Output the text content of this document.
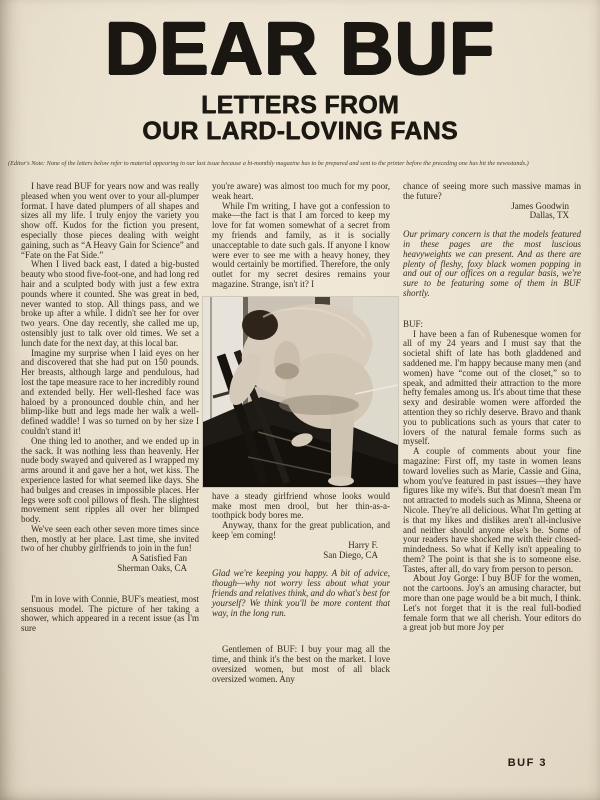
DEAR BUF
LETTERS FROM
OUR LARD-LOVING FANS

(Editor's Note: None of the letters below refer to material appearing in our last issue because a bi-monthly magazine has to be prepared and sent to the printer before the preceding one has hit the newsstands.)

I have read BUF for years now and was really pleased when you went over to your all-plumper format. I have dated plumpers of all shapes and sizes all my life. I truly enjoy the variety you show off. Kudos for the fiction you present, especially those pieces dealing with weight gaining, such as “A Heavy Gain for Science” and “Fate on the Fat Side.”

When I lived back east, I dated a big-busted beauty who stood five-foot-one, and had long red hair and a sculpted body with just a few extra pounds where it counted. She was great in bed, never wanted to stop. All things pass, and we broke up after a while. I didn't see her for over two years. One day recently, she called me up, ostensibly just to talk over old times. We set a lunch date for the next day, at this local bar.

Imagine my surprise when I laid eyes on her and discovered that she had put on 150 pounds. Her breasts, although large and pendulous, had lost the tape measure race to her incredibly round and extended belly. Her well-fleshed face was haloed by a pronounced double chin, and her blimp-like butt and legs made her walk a well-defined waddle! I was so turned on by her size I couldn't stand it!

One thing led to another, and we ended up in the sack. It was nothing less than heavenly. Her nude body swayed and quivered as I wrapped my arms around it and gave her a hot, wet kiss. The experience lasted for what seemed like days. She had bulges and creases in impossible places. Her legs were soft cool pillows of flesh. The slightest movement sent ripples all over her blimped body.

We've seen each other seven more times since then, mostly at her place. Last time, she invited two of her chubby girlfriends to join in the fun!

A Satisfied Fan
Sherman Oaks, CA

I'm in love with Connie, BUF's meatiest, most sensuous model. The picture of her taking a shower, which appeared in a recent issue (as I'm sure

you're aware) was almost too much for my poor, weak heart.

While I'm writing, I have got a confession to make—the fact is that I am forced to keep my love for fat women somewhat of a secret from my friends and family, as it is socially unacceptable to date such gals. If anyone I know were ever to see me with a heavy honey, they would certainly be mortified. Therefore, the only outlet for my secret desires remains your magazine. Strange, isn't it? I

have a steady girlfriend whose looks would make most men drool, but her thin-as-a-toothpick body bores me.

Anyway, thanx for the great publication, and keep 'em coming!

Harry F.
San Diego, CA

Glad we're keeping you happy. A bit of advice, though—why not worry less about what your friends and relatives think, and do what's best for yourself? We think you'll be more content that way, in the long run.

Gentlemen of BUF: I buy your mag all the time, and think it's the best on the market. I love oversized women, but most of all black oversized women. Any

chance of seeing more such massive mamas in the future?

James Goodwin
Dallas, TX

Our primary concern is that the models featured in these pages are the most luscious heavyweights we can present. And as there are plenty of fleshy, foxy black women popping in and out of our offices on a regular basis, we're sure to be featuring some of them in BUF shortly.

BUF:

I have been a fan of Rubenesque women for all of my 24 years and I must say that the societal shift of late has both gladdened and saddened me. I'm happy because many men (and women) have “come out of the closet,” so to speak, and admitted their attraction to the more hefty females among us. It's about time that these sexy and desirable women were afforded the attention they so richly deserve. Bravo and thank you to publications such as yours that cater to lovers of the natural female forms such as myself.

A couple of comments about your fine magazine: First off, my taste in women leans toward lovelies such as Marie, Cassie and Gina, whom you've featured in past issues—they have figures like my wife's. But that doesn't mean I'm not attracted to models such as Minna, Sheena or Nicole. They're all delicious. What I'm getting at is that my likes and dislikes aren't all-inclusive and neither should anyone else's be. Some of your readers have shocked me with their closed-mindedness. So what if Kelly isn't appealing to them? The point is that she is to someone else. Tastes, after all, do vary from person to person.

About Joy Gorge: I buy BUF for the women, not the cartoons. Joy's an amusing character, but more than one page would be a bit much, I think. Let's not forget that it is the real full-bodied female form that we all cherish. Your editors do a great job but more Joy per

BUF 3
